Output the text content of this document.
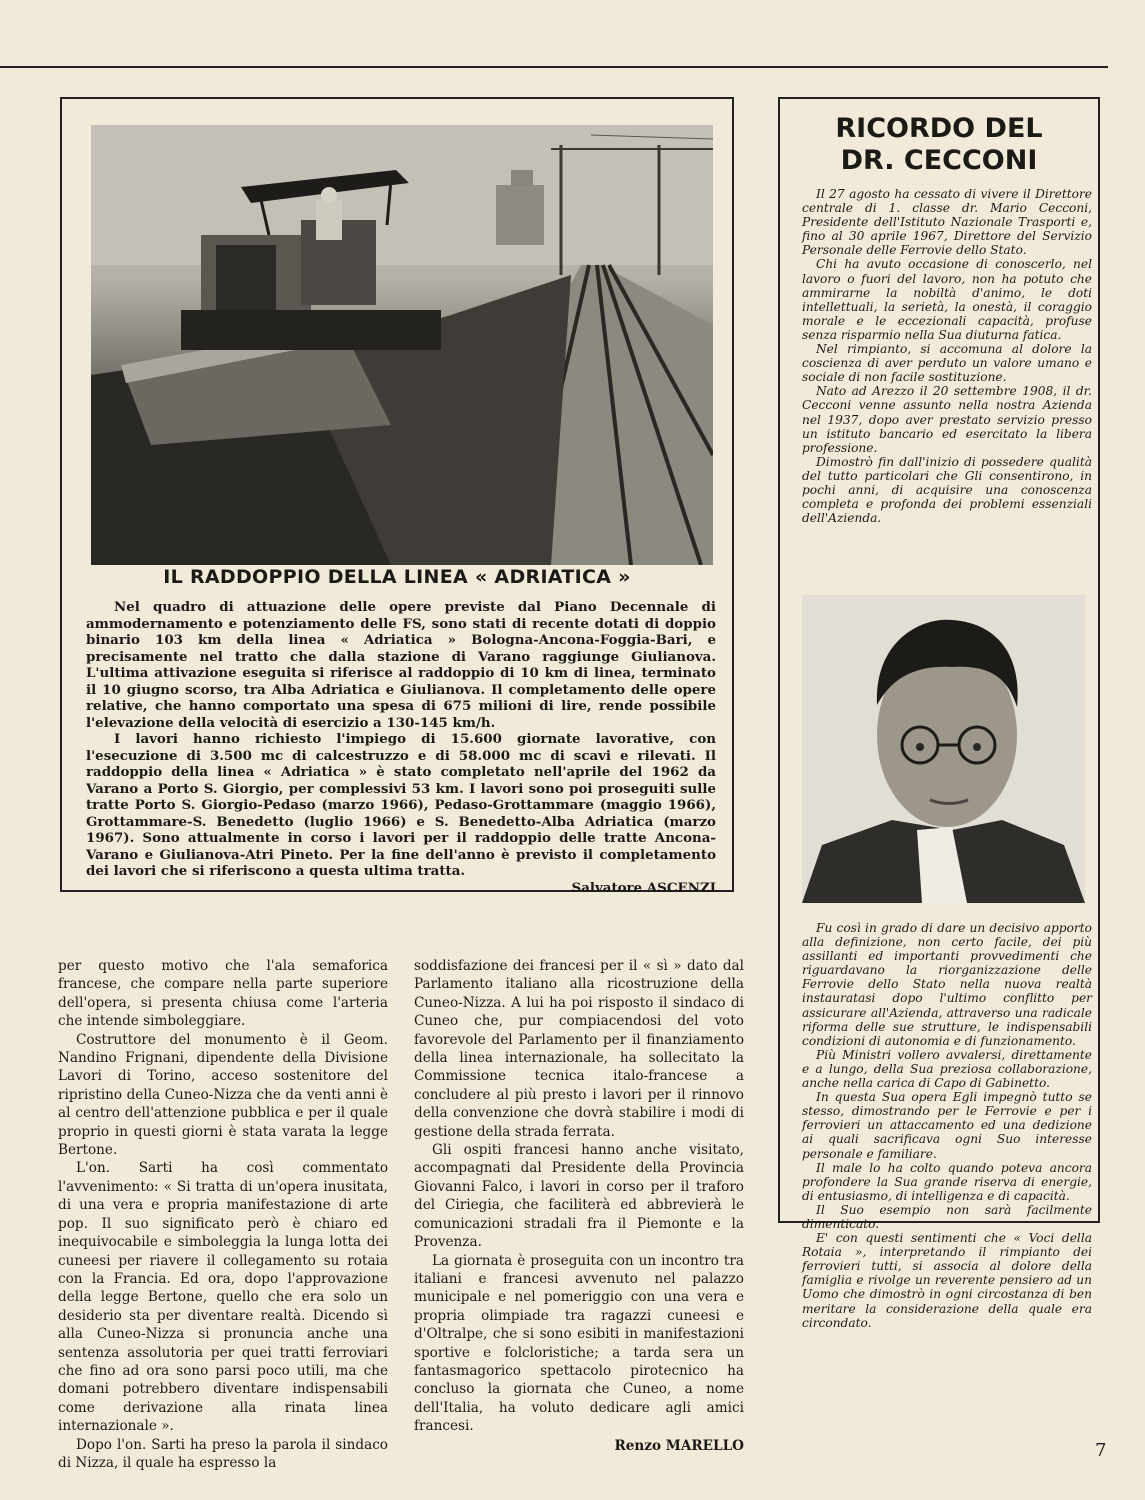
IL RADDOPPIO DELLA LINEA « ADRIATICA »

Nel quadro di attuazione delle opere previste dal Piano Decennale di ammodernamento e potenziamento delle FS, sono stati di recente dotati di doppio binario 103 km della linea « Adriatica » Bologna-Ancona-Foggia-Bari, e precisamente nel tratto che dalla stazione di Varano raggiunge Giulianova. L'ultima attivazione eseguita si riferisce al raddoppio di 10 km di linea, terminato il 10 giugno scorso, tra Alba Adriatica e Giulianova. Il completamento delle opere relative, che hanno comportato una spesa di 675 milioni di lire, rende possibile l'elevazione della velocità di esercizio a 130-145 km/h.

I lavori hanno richiesto l'impiego di 15.600 giornate lavorative, con l'esecuzione di 3.500 mc di calcestruzzo e di 58.000 mc di scavi e rilevati. Il raddoppio della linea « Adriatica » è stato completato nell'aprile del 1962 da Varano a Porto S. Giorgio, per complessivi 53 km. I lavori sono poi proseguiti sulle tratte Porto S. Giorgio-Pedaso (marzo 1966), Pedaso-Grottammare (maggio 1966), Grottammare-S. Benedetto (luglio 1966) e S. Benedetto-Alba Adriatica (marzo 1967). Sono attualmente in corso i lavori per il raddoppio delle tratte Ancona-Varano e Giulianova-Atri Pineto. Per la fine dell'anno è previsto il completamento dei lavori che si riferiscono a questa ultima tratta.

Salvatore ASCENZI

RICORDO DEL
DR. CECCONI

Il 27 agosto ha cessato di vivere il Direttore centrale di 1. classe dr. Mario Cecconi, Presidente dell'Istituto Nazionale Trasporti e, fino al 30 aprile 1967, Direttore del Servizio Personale delle Ferrovie dello Stato.

Chi ha avuto occasione di conoscerlo, nel lavoro o fuori del lavoro, non ha potuto che ammirarne la nobiltà d'animo, le doti intellettuali, la serietà, la onestà, il coraggio morale e le eccezionali capacità, profuse senza risparmio nella Sua diuturna fatica.

Nel rimpianto, si accomuna al dolore la coscienza di aver perduto un valore umano e sociale di non facile sostituzione.

Nato ad Arezzo il 20 settembre 1908, il dr. Cecconi venne assunto nella nostra Azienda nel 1937, dopo aver prestato servizio presso un istituto bancario ed esercitato la libera professione.

Dimostrò fin dall'inizio di possedere qualità del tutto particolari che Gli consentirono, in pochi anni, di acquisire una conoscenza completa e profonda dei problemi essenziali dell'Azienda.

Fu così in grado di dare un decisivo apporto alla definizione, non certo facile, dei più assillanti ed importanti provvedimenti che riguardavano la riorganizzazione delle Ferrovie dello Stato nella nuova realtà instauratasi dopo l'ultimo conflitto per assicurare all'Azienda, attraverso una radicale riforma delle sue strutture, le indispensabili condizioni di autonomia e di funzionamento.

Più Ministri vollero avvalersi, direttamente e a lungo, della Sua preziosa collaborazione, anche nella carica di Capo di Gabinetto.

In questa Sua opera Egli impegnò tutto se stesso, dimostrando per le Ferrovie e per i ferrovieri un attaccamento ed una dedizione ai quali sacrificava ogni Suo interesse personale e familiare.

Il male lo ha colto quando poteva ancora profondere la Sua grande riserva di energie, di entusiasmo, di intelligenza e di capacità.

Il Suo esempio non sarà facilmente dimenticato.

E' con questi sentimenti che « Voci della Rotaia », interpretando il rimpianto dei ferrovieri tutti, si associa al dolore della famiglia e rivolge un reverente pensiero ad un Uomo che dimostrò in ogni circostanza di ben meritare la considerazione della quale era circondato.

per questo motivo che l'ala semaforica francese, che compare nella parte superiore dell'opera, si presenta chiusa come l'arteria che intende simboleggiare.

Costruttore del monumento è il Geom. Nandino Frignani, dipendente della Divisione Lavori di Torino, acceso sostenitore del ripristino della Cuneo-Nizza che da venti anni è al centro dell'attenzione pubblica e per il quale proprio in questi giorni è stata varata la legge Bertone.

L'on. Sarti ha così commentato l'avvenimento: « Si tratta di un'opera inusitata, di una vera e propria manifestazione di arte pop. Il suo significato però è chiaro ed inequivocabile e simboleggia la lunga lotta dei cuneesi per riavere il collegamento su rotaia con la Francia. Ed ora, dopo l'approvazione della legge Bertone, quello che era solo un desiderio sta per diventare realtà. Dicendo sì alla Cuneo-Nizza si pronuncia anche una sentenza assolutoria per quei tratti ferroviari che fino ad ora sono parsi poco utili, ma che domani potrebbero diventare indispensabili come derivazione alla rinata linea internazionale ».

Dopo l'on. Sarti ha preso la parola il sindaco di Nizza, il quale ha espresso la

soddisfazione dei francesi per il « sì » dato dal Parlamento italiano alla ricostruzione della Cuneo-Nizza. A lui ha poi risposto il sindaco di Cuneo che, pur compiacendosi del voto favorevole del Parlamento per il finanziamento della linea internazionale, ha sollecitato la Commissione tecnica italo-francese a concludere al più presto i lavori per il rinnovo della convenzione che dovrà stabilire i modi di gestione della strada ferrata.

Gli ospiti francesi hanno anche visitato, accompagnati dal Presidente della Provincia Giovanni Falco, i lavori in corso per il traforo del Ciriegia, che faciliterà ed abbrevierà le comunicazioni stradali fra il Piemonte e la Provenza.

La giornata è proseguita con un incontro tra italiani e francesi avvenuto nel palazzo municipale e nel pomeriggio con una vera e propria olimpiade tra ragazzi cuneesi e d'Oltralpe, che si sono esibiti in manifestazioni sportive e folcloristiche; a tarda sera un fantasmagorico spettacolo pirotecnico ha concluso la giornata che Cuneo, a nome dell'Italia, ha voluto dedicare agli amici francesi.

Renzo MARELLO	7
